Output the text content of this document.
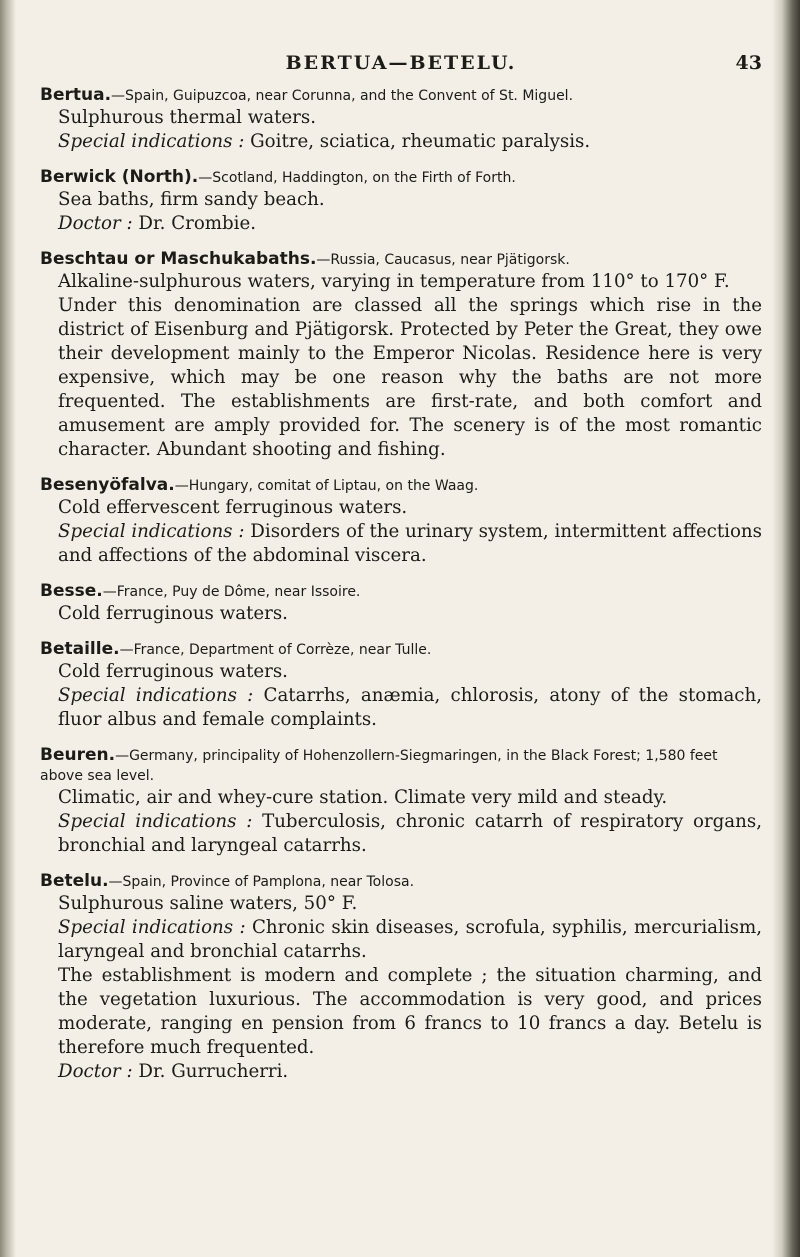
BERTUA—BETELU.	43

Bertua.—Spain, Guipuzcoa, near Corunna, and the Convent of St. Miguel.

Sulphurous thermal waters.

Special indications : Goitre, sciatica, rheumatic paralysis.

Berwick (North).—Scotland, Haddington, on the Firth of Forth.

Sea baths, firm sandy beach.

Doctor : Dr. Crombie.

Beschtau or Maschukabaths.—Russia, Caucasus, near Pjätigorsk.

Alkaline-sulphurous waters, varying in temperature from 110° to 170° F.

Under this denomination are classed all the springs which rise in the district of Eisenburg and Pjätigorsk. Protected by Peter the Great, they owe their development mainly to the Emperor Nicolas. Residence here is very expensive, which may be one reason why the baths are not more frequented. The establishments are first-rate, and both comfort and amusement are amply provided for. The scenery is of the most romantic character. Abundant shooting and fishing.

Besenyöfalva.—Hungary, comitat of Liptau, on the Waag.

Cold effervescent ferruginous waters.

Special indications : Disorders of the urinary system, intermittent affections and affections of the abdominal viscera.

Besse.—France, Puy de Dôme, near Issoire.

Cold ferruginous waters.

Betaille.—France, Department of Corrèze, near Tulle.

Cold ferruginous waters.

Special indications : Catarrhs, anæmia, chlorosis, atony of the stomach, fluor albus and female complaints.

Beuren.—Germany, principality of Hohenzollern-Siegmaringen, in the Black Forest; 1,580 feet above sea level.

Climatic, air and whey-cure station. Climate very mild and steady.

Special indications : Tuberculosis, chronic catarrh of respiratory organs, bronchial and laryngeal catarrhs.

Betelu.—Spain, Province of Pamplona, near Tolosa.

Sulphurous saline waters, 50° F.

Special indications : Chronic skin diseases, scrofula, syphilis, mercurialism, laryngeal and bronchial catarrhs.

The establishment is modern and complete ; the situation charming, and the vegetation luxurious. The accommodation is very good, and prices moderate, ranging en pension from 6 francs to 10 francs a day. Betelu is therefore much frequented.

Doctor : Dr. Gurrucherri.
